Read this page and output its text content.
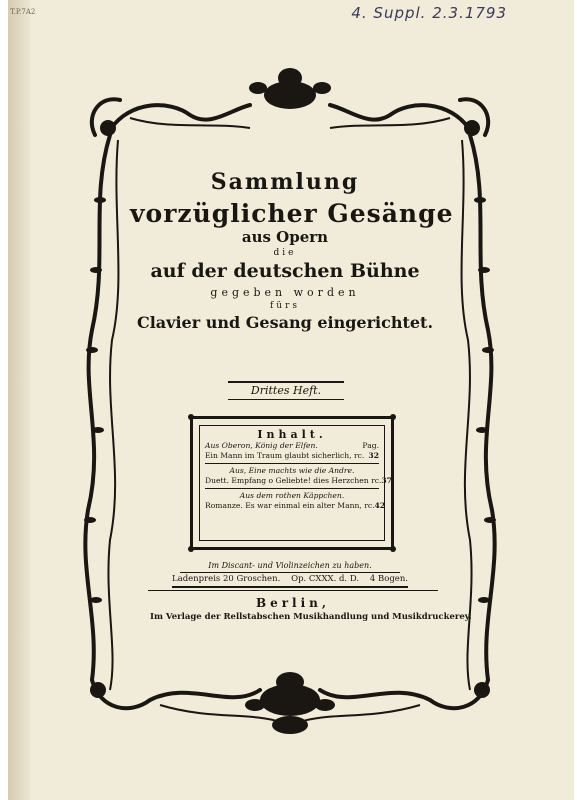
T.P.7A2	4. Suppl. 2.3.1793
Sammlung
vorzüglicher Gesänge
aus Opern
die
auf der deutschen Bühne
gegeben worden
fürs
Clavier und Gesang eingerichtet.
Drittes Heft.
Inhalt.
Aus Oberon, König der Elfen.	Pag.
Ein Mann im Traum glaubt sicherlich, rc. 32
Aus, Eine machts wie die Andre.
Duett. Empfang o Geliebte! dies Herzchen rc. 37
Aus dem rothen Käppchen.
Romanze. Es war einmal ein alter Mann, rc. 42
Im Discant- und Violinzeichen zu haben.
Ladenpreis 20 Groschen. Op. CXXX. d. D. 4 Bogen.
Berlin,
Im Verlage der Rellstabschen Musikhandlung und Musikdruckerey.
